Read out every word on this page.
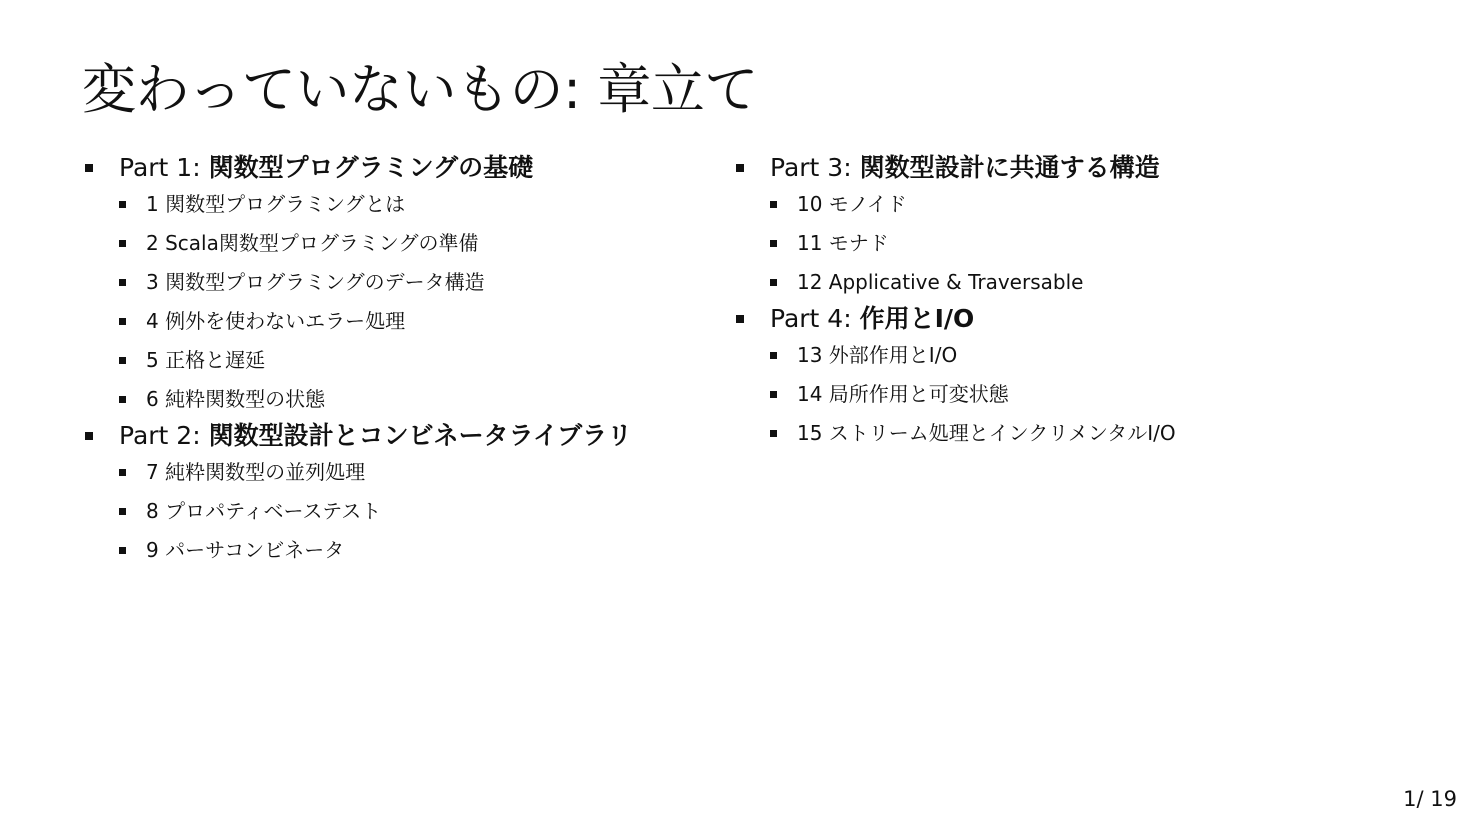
変わっていないもの: 章立て
Part 1: 関数型プログラミングの基礎
1 関数型プログラミングとは
2 Scala関数型プログラミングの準備
3 関数型プログラミングのデータ構造
4 例外を使わないエラー処理
5 正格と遅延
6 純粋関数型の状態
Part 2: 関数型設計とコンビネータライブラリ
7 純粋関数型の並列処理
8 プロパティベーステスト
9 パーサコンビネータ
Part 3: 関数型設計に共通する構造
10 モノイド
11 モナド
12 Applicative & Traversable
Part 4: 作用とI/O
13 外部作用とI/O
14 局所作用と可変状態
15 ストリーム処理とインクリメンタルI/O
1/ 19
